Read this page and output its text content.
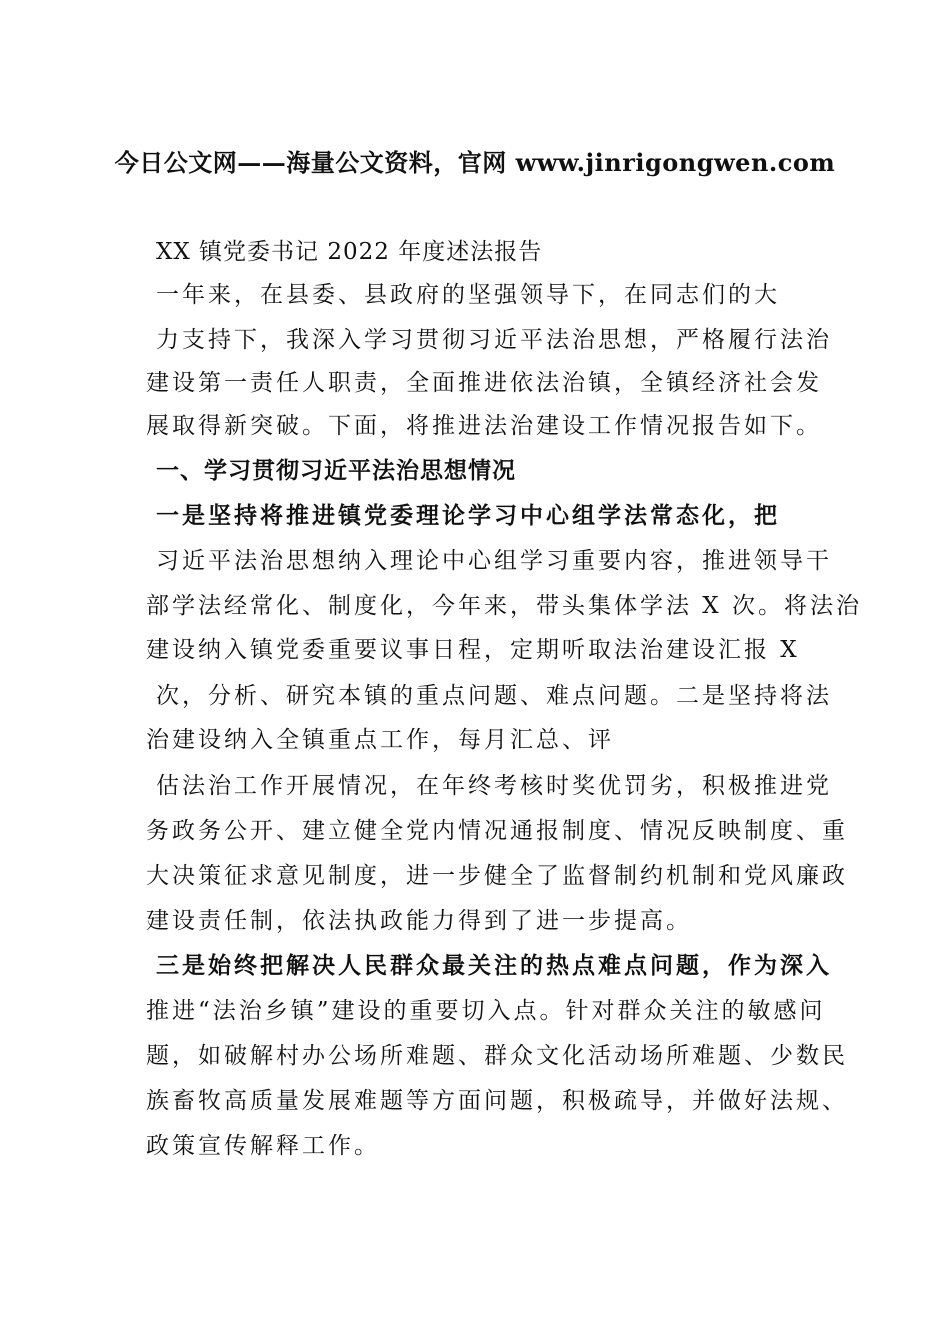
今日公文网——海量公文资料，官网 www.jinrigongwen.com
XX 镇党委书记 2022 年度述法报告
一年来，在县委、县政府的坚强领导下，在同志们的大
力支持下，我深入学习贯彻习近平法治思想，严格履行法治
建设第一责任人职责，全面推进依法治镇，全镇经济社会发
展取得新突破。下面，将推进法治建设工作情况报告如下。
一、学习贯彻习近平法治思想情况
一是坚持将推进镇党委理论学习中心组学法常态化，把
习近平法治思想纳入理论中心组学习重要内容，推进领导干
部学法经常化、制度化，今年来，带头集体学法 X 次。将法治
建设纳入镇党委重要议事日程，定期听取法治建设汇报 X
次，分析、研究本镇的重点问题、难点问题。二是坚持将法
治建设纳入全镇重点工作，每月汇总、评
估法治工作开展情况，在年终考核时奖优罚劣，积极推进党
务政务公开、建立健全党内情况通报制度、情况反映制度、重
大决策征求意见制度，进一步健全了监督制约机制和党风廉政
建设责任制，依法执政能力得到了进一步提高。
三是始终把解决人民群众最关注的热点难点问题，作为深入
推进“法治乡镇”建设的重要切入点。针对群众关注的敏感问
题，如破解村办公场所难题、群众文化活动场所难题、少数民
族畜牧高质量发展难题等方面问题，积极疏导，并做好法规、
政策宣传解释工作。
